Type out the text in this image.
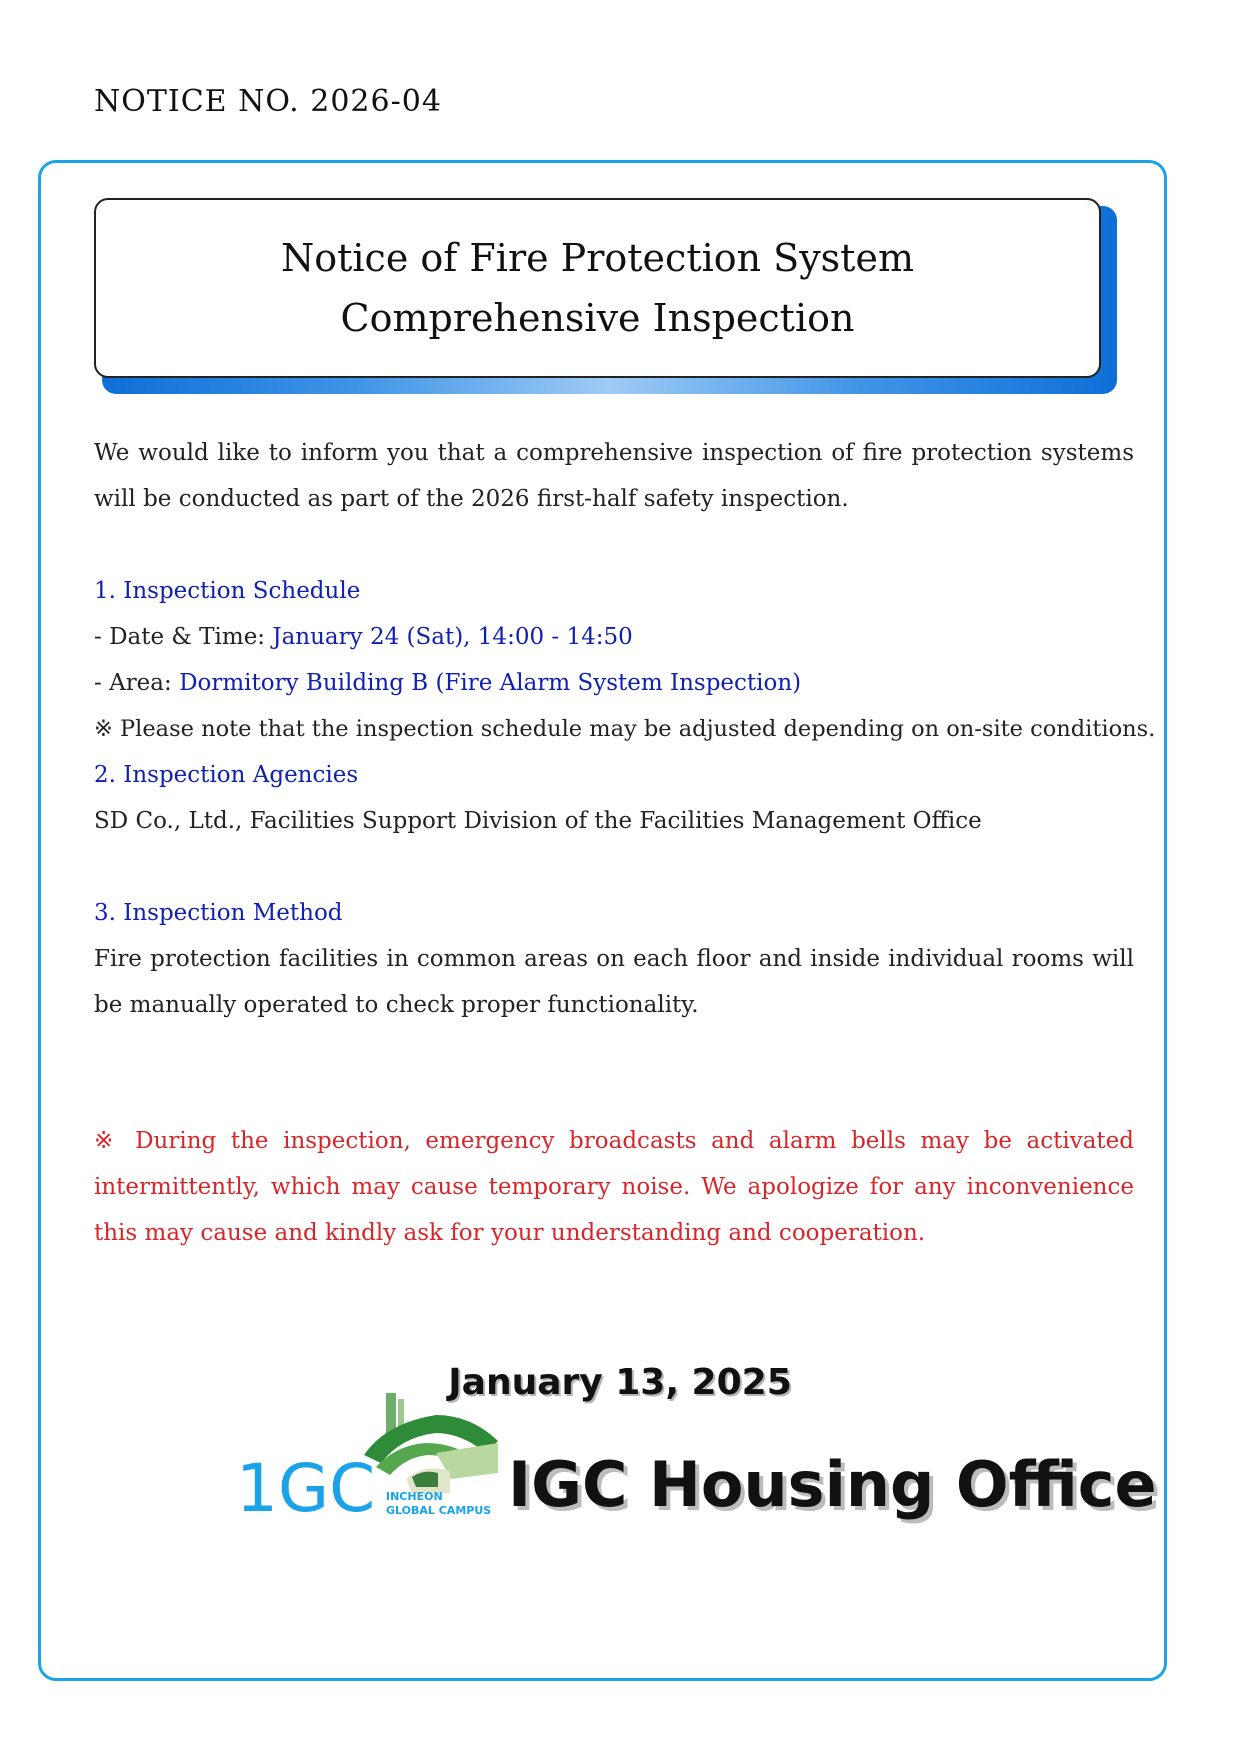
NOTICE NO. 2026-04
Notice of Fire Protection System
Comprehensive Inspection
We would like to inform you that a comprehensive inspection of fire protection systems will be conducted as part of the 2026 first-half safety inspection.
1. Inspection Schedule
- Date & Time: January 24 (Sat), 14:00 - 14:50
- Area: Dormitory Building B (Fire Alarm System Inspection)
※ Please note that the inspection schedule may be adjusted depending on on-site conditions.
2. Inspection Agencies
SD Co., Ltd., Facilities Support Division of the Facilities Management Office
3. Inspection Method
Fire protection facilities in common areas on each floor and inside individual rooms will be manually operated to check proper functionality.
※ During the inspection, emergency broadcasts and alarm bells may be activated intermittently, which may cause temporary noise. We apologize for any inconvenience this may cause and kindly ask for your understanding and cooperation.
January 13, 2025
1GC INCHEON
GLOBAL CAMPUS IGC Housing Office
